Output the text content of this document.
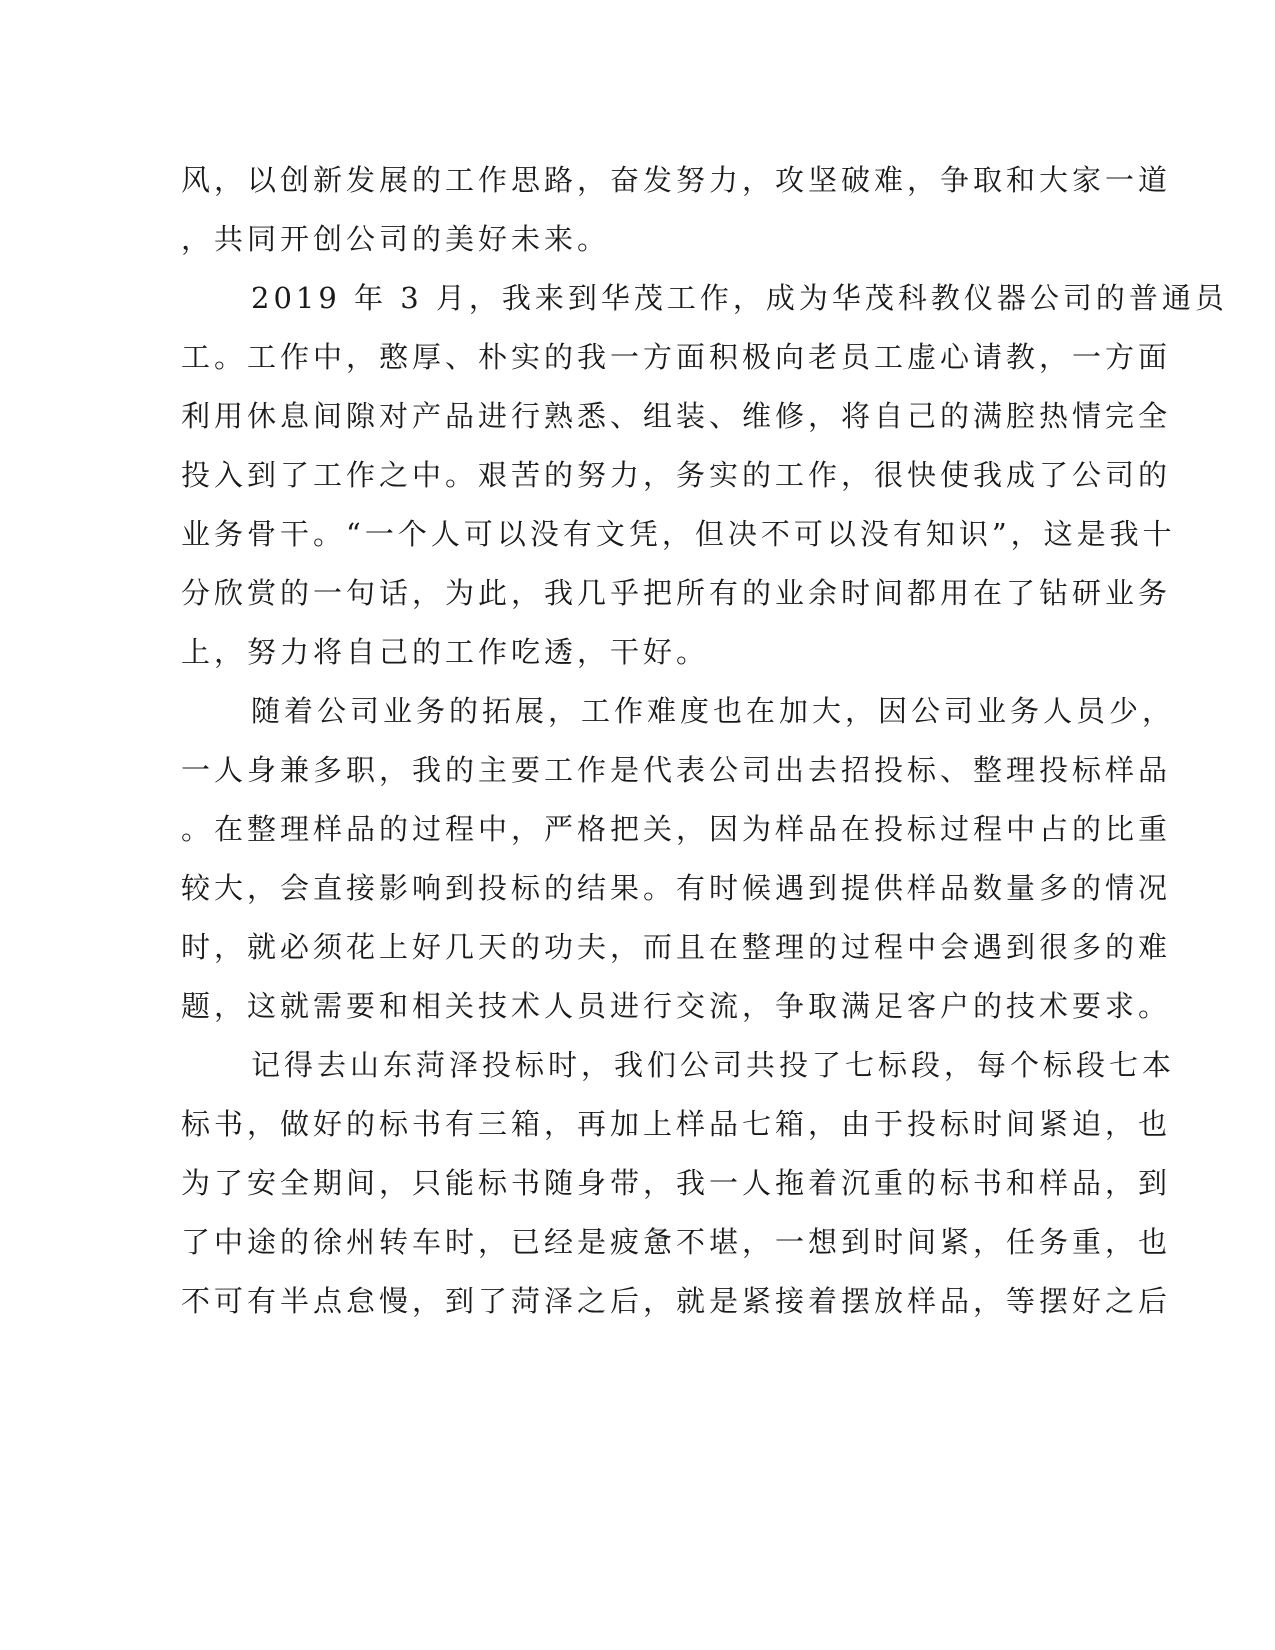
风，以创新发展的工作思路，奋发努力，攻坚破难，争取和大家一道
，共同开创公司的美好未来。
2019 年 3 月，我来到华茂工作，成为华茂科教仪器公司的普通员
工。工作中，憨厚、朴实的我一方面积极向老员工虚心请教，一方面
利用休息间隙对产品进行熟悉、组装、维修，将自己的满腔热情完全
投入到了工作之中。艰苦的努力，务实的工作，很快使我成了公司的
业务骨干。“一个人可以没有文凭，但决不可以没有知识”，这是我十
分欣赏的一句话，为此，我几乎把所有的业余时间都用在了钻研业务
上，努力将自己的工作吃透，干好。
随着公司业务的拓展，工作难度也在加大，因公司业务人员少，
一人身兼多职，我的主要工作是代表公司出去招投标、整理投标样品
。在整理样品的过程中，严格把关，因为样品在投标过程中占的比重
较大，会直接影响到投标的结果。有时候遇到提供样品数量多的情况
时，就必须花上好几天的功夫，而且在整理的过程中会遇到很多的难
题，这就需要和相关技术人员进行交流，争取满足客户的技术要求。
记得去山东菏泽投标时，我们公司共投了七标段，每个标段七本
标书，做好的标书有三箱，再加上样品七箱，由于投标时间紧迫，也
为了安全期间，只能标书随身带，我一人拖着沉重的标书和样品，到
了中途的徐州转车时，已经是疲惫不堪，一想到时间紧，任务重，也
不可有半点怠慢，到了菏泽之后，就是紧接着摆放样品，等摆好之后
